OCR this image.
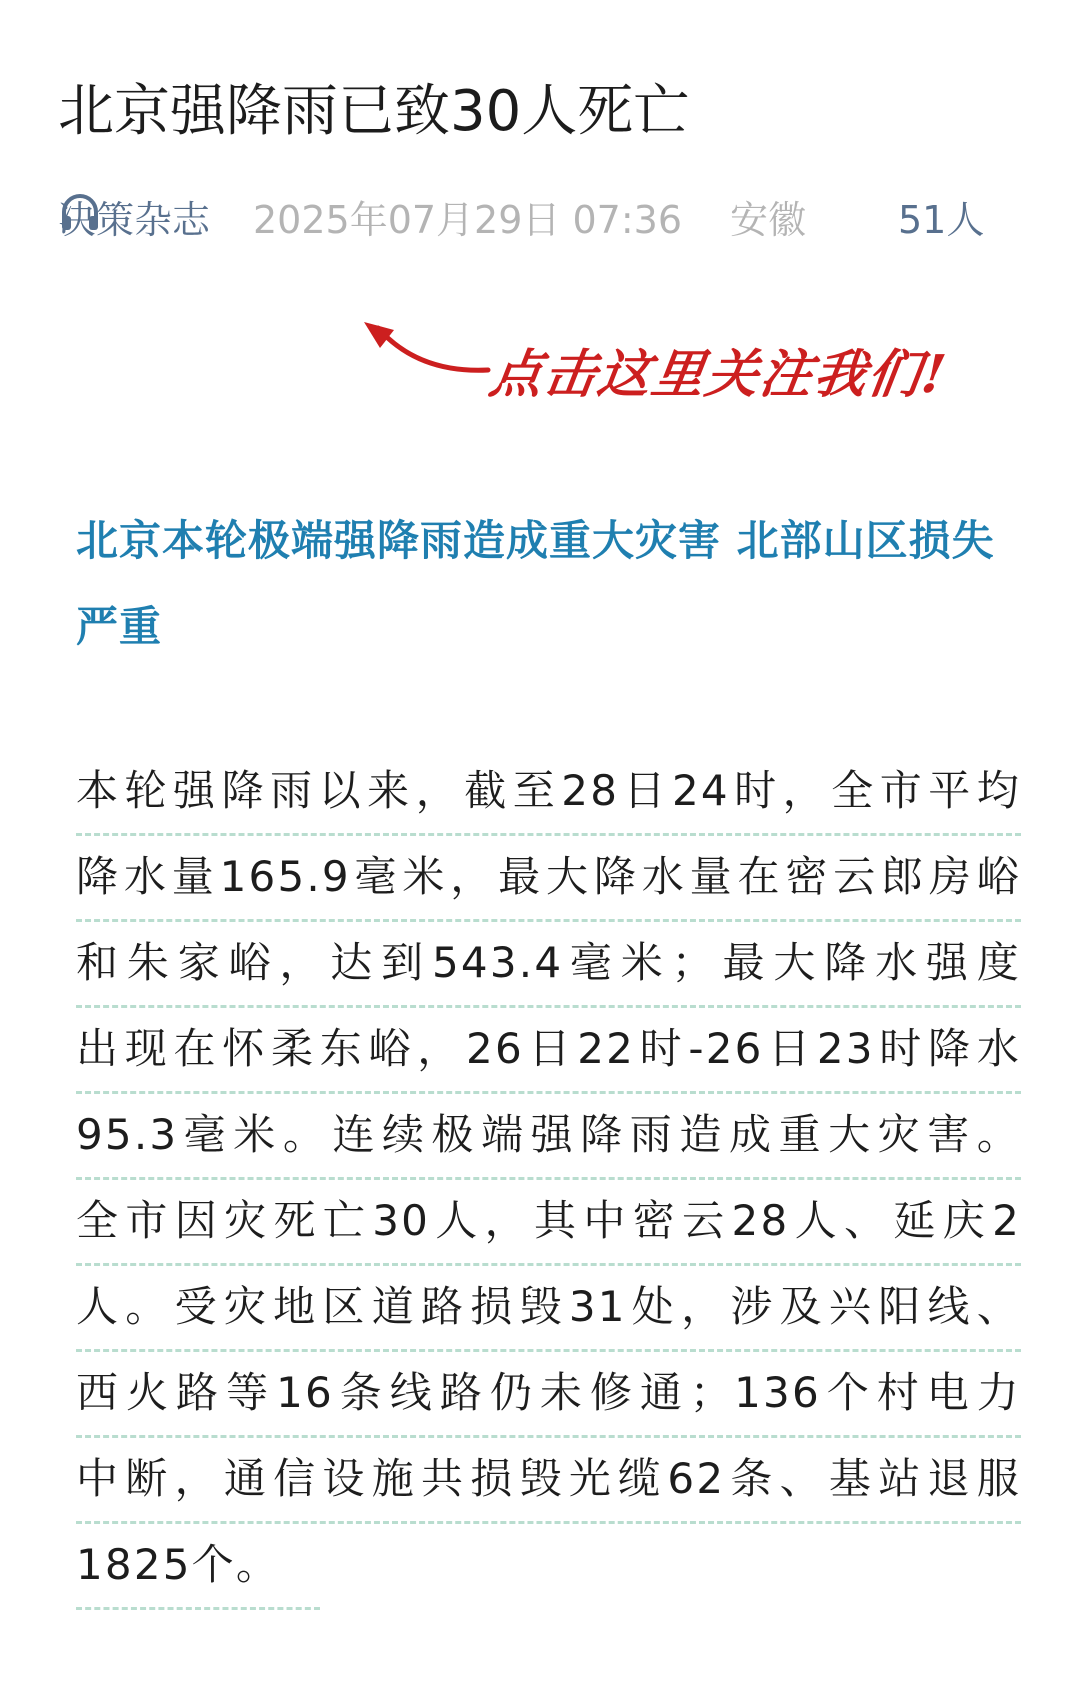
北京强降雨已致30人死亡
决策杂志 2025年07月29日 07:36 安徽 51人
点击这里关注我们!
北京本轮极端强降雨造成重大灾害 北部山区损失严重
本轮强降雨以来，截至28日24时，全市平均
降水量165.9毫米，最大降水量在密云郎房峪
和朱家峪，达到543.4毫米；最大降水强度
出现在怀柔东峪，26日22时-26日23时降水
95.3毫米。连续极端强降雨造成重大灾害。
全市因灾死亡30人，其中密云28人、延庆2
人。受灾地区道路损毁31处，涉及兴阳线、
西火路等16条线路仍未修通；136个村电力
中断，通信设施共损毁光缆62条、基站退服
1825个。
